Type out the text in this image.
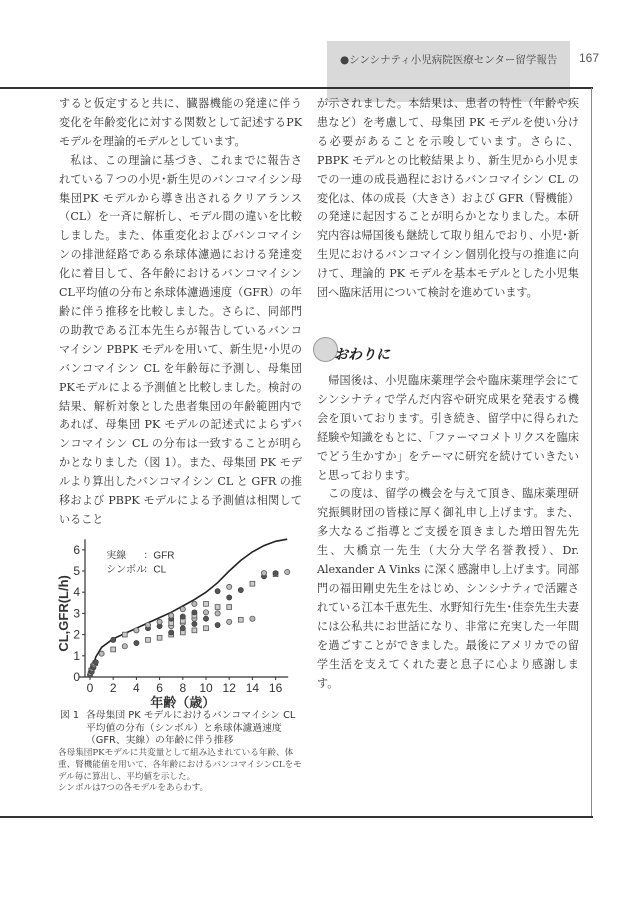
●シンシナティ小児病院医療センター留学報告 167

すると仮定すると共に、臓器機能の発達に伴う変化を年齢変化に対する関数として記述するPK モデルを理論的モデルとしています。

私は、この理論に基づき、これまでに報告されている７つの小児･新生児のバンコマイシン母集団PK モデルから導き出されるクリアランス（CL）を一斉に解析し、モデル間の違いを比較しました。また、体重変化およびバンコマイシンの排泄経路である糸球体濾過における発達変化に着目して、各年齢におけるバンコマイシン CL平均値の分布と糸球体濾過速度（GFR）の年齢に伴う推移を比較しました。さらに、同部門の助教である江本先生らが報告しているバンコマイシン PBPK モデルを用いて、新生児･小児のバンコマイシン CL を年齢毎に予測し、母集団 PKモデルによる予測値と比較しました。検討の結果、解析対象とした患者集団の年齢範囲内であれば、母集団 PK モデルの記述式によらずバンコマイシン CL の分布は一致することが明らかとなりました（図 1）。また、母集団 PK モデルより算出したバンコマイシン CL と GFR の推移および PBPK モデルによる予測値は相関していること

が示されました。本結果は、患者の特性（年齢や疾患など）を考慮して、母集団 PK モデルを使い分ける必要があることを示唆しています。さらに、PBPK モデルとの比較結果より、新生児から小児までの一連の成長過程におけるバンコマイシン CL の変化は、体の成長（大きさ）および GFR（腎機能）の発達に起因することが明らかとなりました。本研究内容は帰国後も継続して取り組んでおり、小児･新生児におけるバンコマイシン個別化投与の推進に向けて、理論的 PK モデルを基本モデルとした小児集団へ臨床活用について検討を進めています。

おわりに

帰国後は、小児臨床薬理学会や臨床薬理学会にてシンシナティで学んだ内容や研究成果を発表する機会を頂いております。引き続き、留学中に得られた経験や知識をもとに、「ファーマコメトリクスを臨床でどう生かすか」をテーマに研究を続けていきたいと思っております。

この度は、留学の機会を与えて頂き、臨床薬理研究振興財団の皆様に厚く御礼申し上げます。また、多大なるご指導とご支援を頂きました増田智先先生、大橋京一先生（大分大学名誉教授）、Dr. Alexander A Vinks に深く感謝申し上げます。同部門の福田剛史先生をはじめ、シンシナティで活躍されている江本千恵先生、水野知行先生･佳奈先生夫妻には公私共にお世話になり、非常に充実した一年間を過ごすことができました。最後にアメリカでの留学生活を支えてくれた妻と息子に心より感謝します。

0 2 4 6 8 10 12 14 16
0
1
2
3
4
5
6
年齢（歳）
CL,GFR(L/h)
実線 ：GFR
シンボル
：CL
図 1 各母集団 PK モデルにおけるバンコマイシン CL 平均値の分布（シンボル）と糸球体濾過速度（GFR、実線）の年齢に伴う推移

各母集団PKモデルに共変量として組み込まれている年齢、体重、腎機能値を用いて、各年齢におけるバンコマイシンCLをモデル毎に算出し、平均値を示した。

シンボルは7つの各モデルをあらわす。
